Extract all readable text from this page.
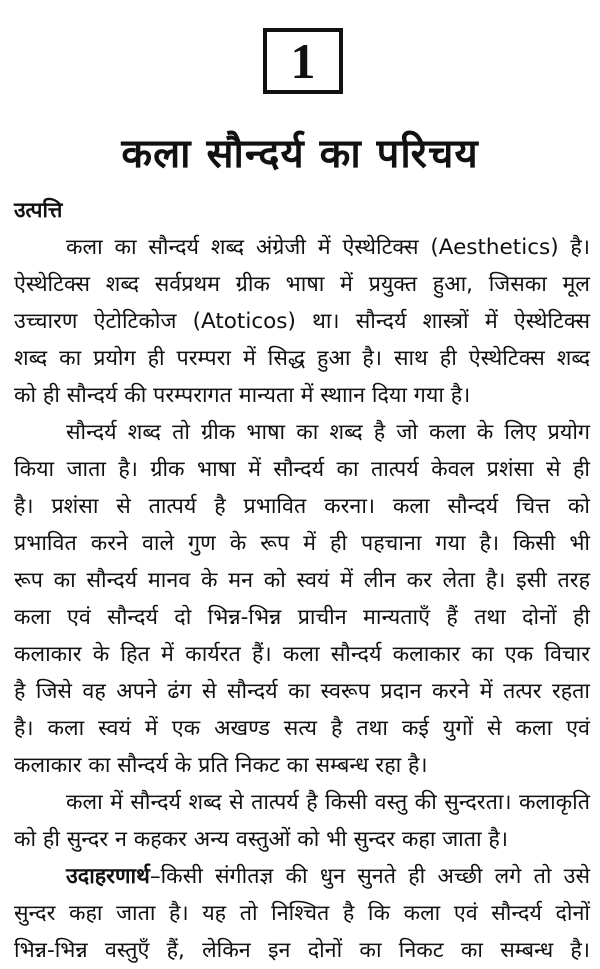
1
कला सौन्दर्य का परिचय
उत्पत्ति
कला का सौन्दर्य शब्द अंग्रेजी में ऐस्थेटिक्स (Aesthetics) है।
ऐस्थेटिक्स शब्द सर्वप्रथम ग्रीक भाषा में प्रयुक्त हुआ, जिसका मूल
उच्चारण ऐटोटिकोज (Atoticos) था। सौन्दर्य शास्त्रों में ऐस्थेटिक्स
शब्द का प्रयोग ही परम्परा में सिद्ध हुआ है। साथ ही ऐस्थेटिक्स शब्द
को ही सौन्दर्य की परम्परागत मान्यता में स्थाान दिया गया है।
सौन्दर्य शब्द तो ग्रीक भाषा का शब्द है जो कला के लिए प्रयोग
किया जाता है। ग्रीक भाषा में सौन्दर्य का तात्पर्य केवल प्रशंसा से ही
है। प्रशंसा से तात्पर्य है प्रभावित करना। कला सौन्दर्य चित्त को
प्रभावित करने वाले गुण के रूप में ही पहचाना गया है। किसी भी
रूप का सौन्दर्य मानव के मन को स्वयं में लीन कर लेता है। इसी तरह
कला एवं सौन्दर्य दो भिन्न-भिन्न प्राचीन मान्यताएँ हैं तथा दोनों ही
कलाकार के हित में कार्यरत हैं। कला सौन्दर्य कलाकार का एक विचार
है जिसे वह अपने ढंग से सौन्दर्य का स्वरूप प्रदान करने में तत्पर रहता
है। कला स्वयं में एक अखण्ड सत्य है तथा कई युगों से कला एवं
कलाकार का सौन्दर्य के प्रति निकट का सम्बन्ध रहा है।
कला में सौन्दर्य शब्द से तात्पर्य है किसी वस्तु की सुन्दरता। कलाकृति
को ही सुन्दर न कहकर अन्य वस्तुओं को भी सुन्दर कहा जाता है।
उदाहरणार्थ–किसी संगीतज्ञ की धुन सुनते ही अच्छी लगे तो उसे
सुन्दर कहा जाता है। यह तो निश्चित है कि कला एवं सौन्दर्य दोनों
भिन्न-भिन्न वस्तुएँ हैं, लेकिन इन दोनों का निकट का सम्बन्ध है।
